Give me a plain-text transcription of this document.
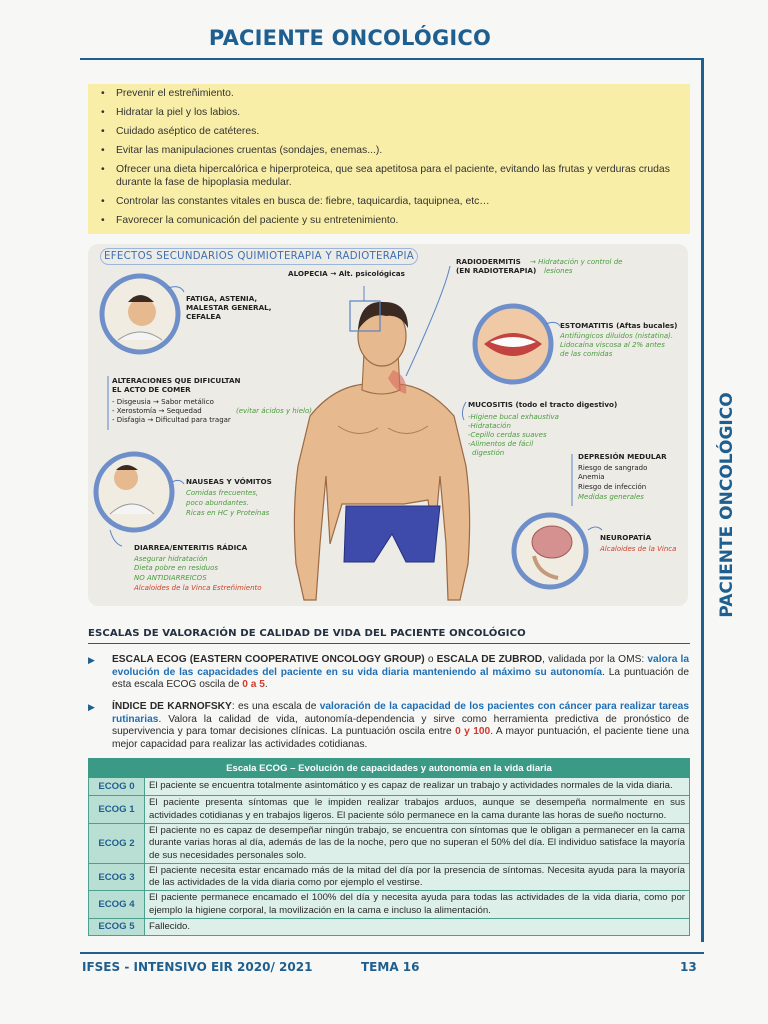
PACIENTE ONCOLÓGICO
PACIENTE ONCOLÓGICO
• Prevenir el estreñimiento.
• Hidratar la piel y los labios.
• Cuidado aséptico de catéteres.
• Evitar las manipulaciones cruentas (sondajes, enemas...).
• Ofrecer una dieta hipercalórica e hiperproteica, que sea apetitosa para el paciente, evitando las frutas y verduras crudas durante la fase de hipoplasia medular.
• Controlar las constantes vitales en busca de: fiebre, taquicardia, taquipnea, etc…
• Favorecer la comunicación del paciente y su entretenimiento.
EFECTOS SECUNDARIOS QUIMIOTERAPIA Y RADIOTERAPIA
ALOPECIA → Alt. psicológicas
RADIODERMITIS → Hidratación y control de
(EN RADIOTERAPIA) lesiones
FATIGA, ASTENIA,
MALESTAR GENERAL,
CEFALEA
ESTOMATITIS (Aftas bucales)
Antifúngicos diluidos (nistatina).
Lidocaína viscosa al 2% antes
de las comidas
ALTERACIONES QUE DIFICULTAN
EL ACTO DE COMER
- Disgeusia → Sabor metálico
- Xerostomía → Sequedad	(evitar ácidos y hielo)
- Disfagia → Dificultad para tragar
MUCOSITIS (todo el tracto digestivo)
-Higiene bucal exhaustiva
-Hidratación
-Cepillo cerdas suaves
-Alimentos de fácil
digestión	DEPRESIÓN MEDULAR
Riesgo de sangrado
Anemia
Riesgo de infección
Medidas generales
NAUSEAS Y VÓMITOS
Comidas frecuentes,
poco abundantes.
Ricas en HC y Proteínas
NEUROPATÍA
Alcaloides de la Vinca
DIARREA/ENTERITIS RÁDICA
Asegurar hidratación
Dieta pobre en residuos
NO ANTIDIARREICOS
Alcaloides de la Vinca Estreñimiento
ESCALAS DE VALORACIÓN DE CALIDAD DE VIDA DEL PACIENTE ONCOLÓGICO
▶ ESCALA ECOG (EASTERN COOPERATIVE ONCOLOGY GROUP) o ESCALA DE ZUBROD, validada por la OMS: valora la evolución de las capacidades del paciente en su vida diaria manteniendo al máximo su autonomía. La puntuación de esta escala ECOG oscila de 0 a 5.
▶ ÍNDICE DE KARNOFSKY: es una escala de valoración de la capacidad de los pacientes con cáncer para realizar tareas rutinarias. Valora la calidad de vida, autonomía-dependencia y sirve como herramienta predictiva de pronóstico de supervivencia y para tomar decisiones clínicas. La puntuación oscila entre 0 y 100. A mayor puntuación, el paciente tiene una mejor capacidad para realizar las actividades cotidianas.
Escala ECOG – Evolución de capacidades y autonomía en la vida diaria	
ECOG 0	El paciente se encuentra totalmente asintomático y es capaz de realizar un trabajo y actividades normales de la vida diaria.
ECOG 1	El paciente presenta síntomas que le impiden realizar trabajos arduos, aunque se desempeña normalmente en sus actividades cotidianas y en trabajos ligeros. El paciente sólo permanece en la cama durante las horas de sueño nocturno.
ECOG 2	El paciente no es capaz de desempeñar ningún trabajo, se encuentra con síntomas que le obligan a permanecer en la cama durante varias horas al día, además de las de la noche, pero que no superan el 50% del día. El individuo satisface la mayoría de sus necesidades personales solo.
ECOG 3	El paciente necesita estar encamado más de la mitad del día por la presencia de síntomas. Necesita ayuda para la mayoría de las actividades de la vida diaria como por ejemplo el vestirse.
ECOG 4	El paciente permanece encamado el 100% del día y necesita ayuda para todas las actividades de la vida diaria, como por ejemplo la higiene corporal, la movilización en la cama e incluso la alimentación.
ECOG 5	Fallecido.
IFSES - INTENSIVO EIR 2020/ 2021	TEMA 16	13
